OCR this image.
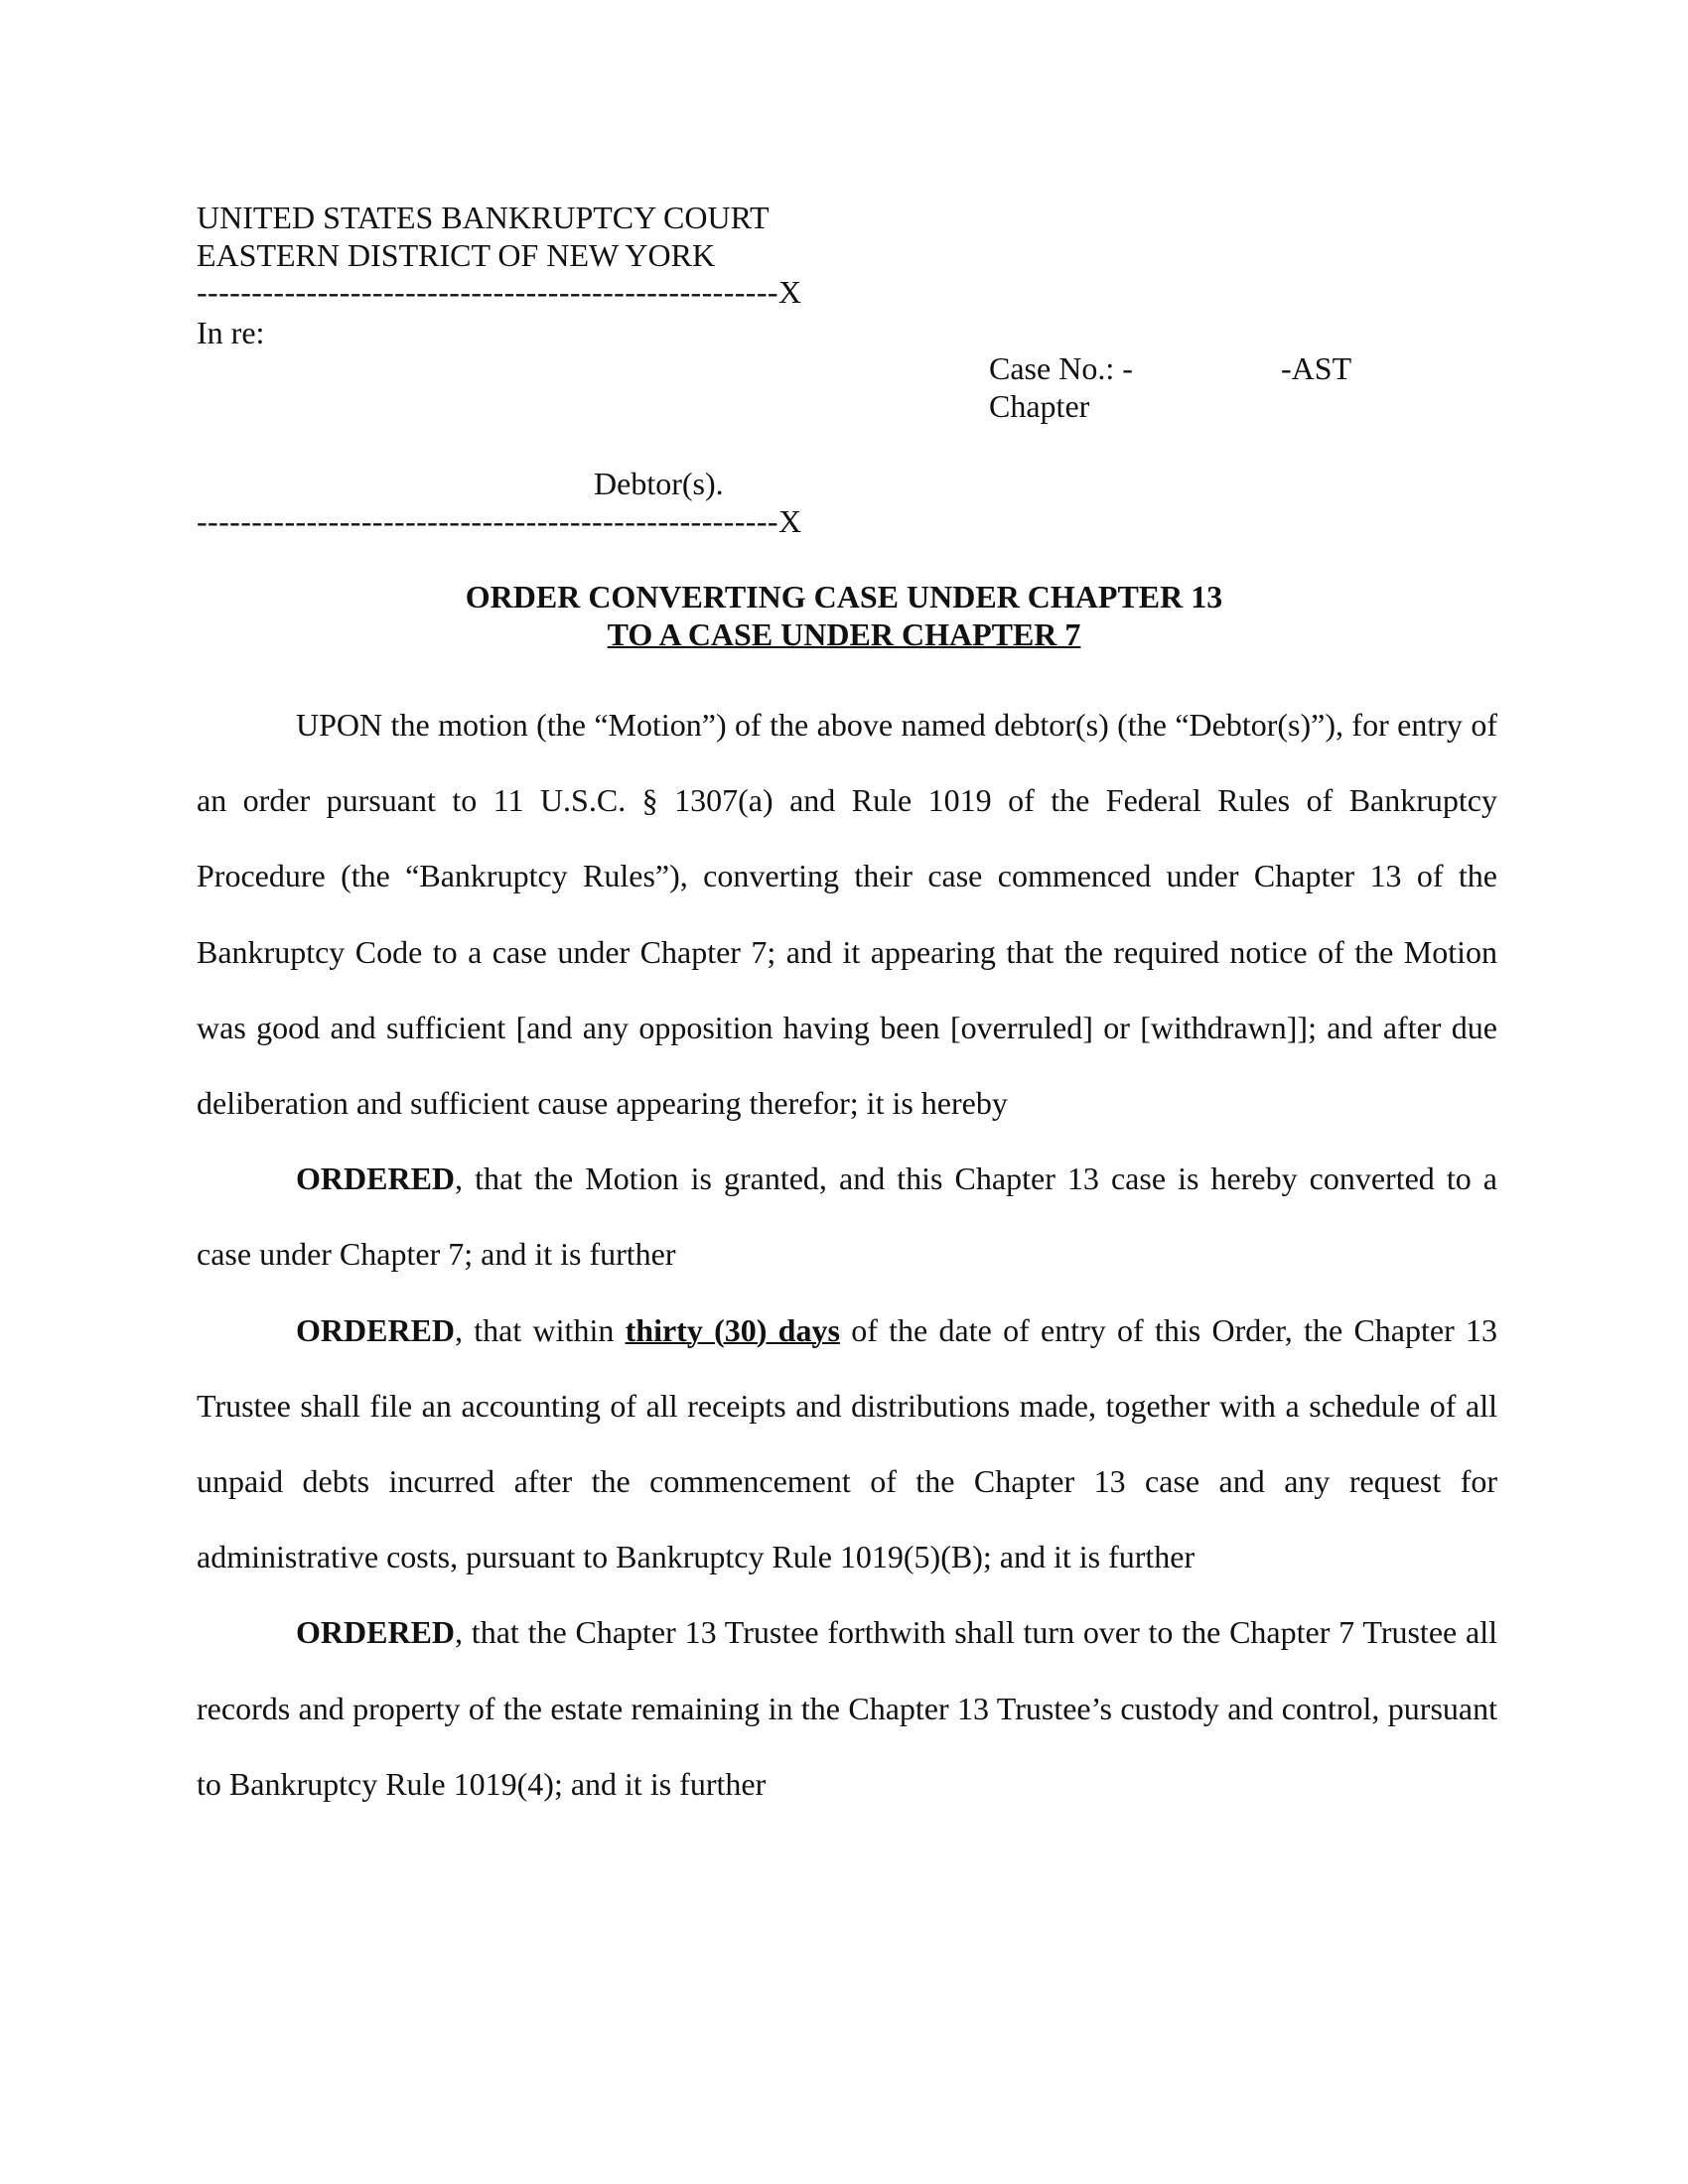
UNITED STATES BANKRUPTCY COURT
EASTERN DISTRICT OF NEW YORK
-----------------------------------------------------X
In re:
Case No.: -	-AST
Chapter
Debtor(s).
-----------------------------------------------------X
ORDER CONVERTING CASE UNDER CHAPTER 13
TO A CASE UNDER CHAPTER 7

UPON the motion (the “Motion”) of the above named debtor(s) (the “Debtor(s)”), for entry of an order pursuant to 11 U.S.C. § 1307(a) and Rule 1019 of the Federal Rules of Bankruptcy Procedure (the “Bankruptcy Rules”), converting their case commenced under Chapter 13 of the Bankruptcy Code to a case under Chapter 7; and it appearing that the required notice of the Motion was good and sufficient [and any opposition having been [overruled] or [withdrawn]]; and after due deliberation and sufficient cause appearing therefor; it is hereby

ORDERED, that the Motion is granted, and this Chapter 13 case is hereby converted to a case under Chapter 7; and it is further

ORDERED, that within thirty (30) days of the date of entry of this Order, the Chapter 13 Trustee shall file an accounting of all receipts and distributions made, together with a schedule of all unpaid debts incurred after the commencement of the Chapter 13 case and any request for administrative costs, pursuant to Bankruptcy Rule 1019(5)(B); and it is further

ORDERED, that the Chapter 13 Trustee forthwith shall turn over to the Chapter 7 Trustee all records and property of the estate remaining in the Chapter 13 Trustee’s custody and control, pursuant to Bankruptcy Rule 1019(4); and it is further
